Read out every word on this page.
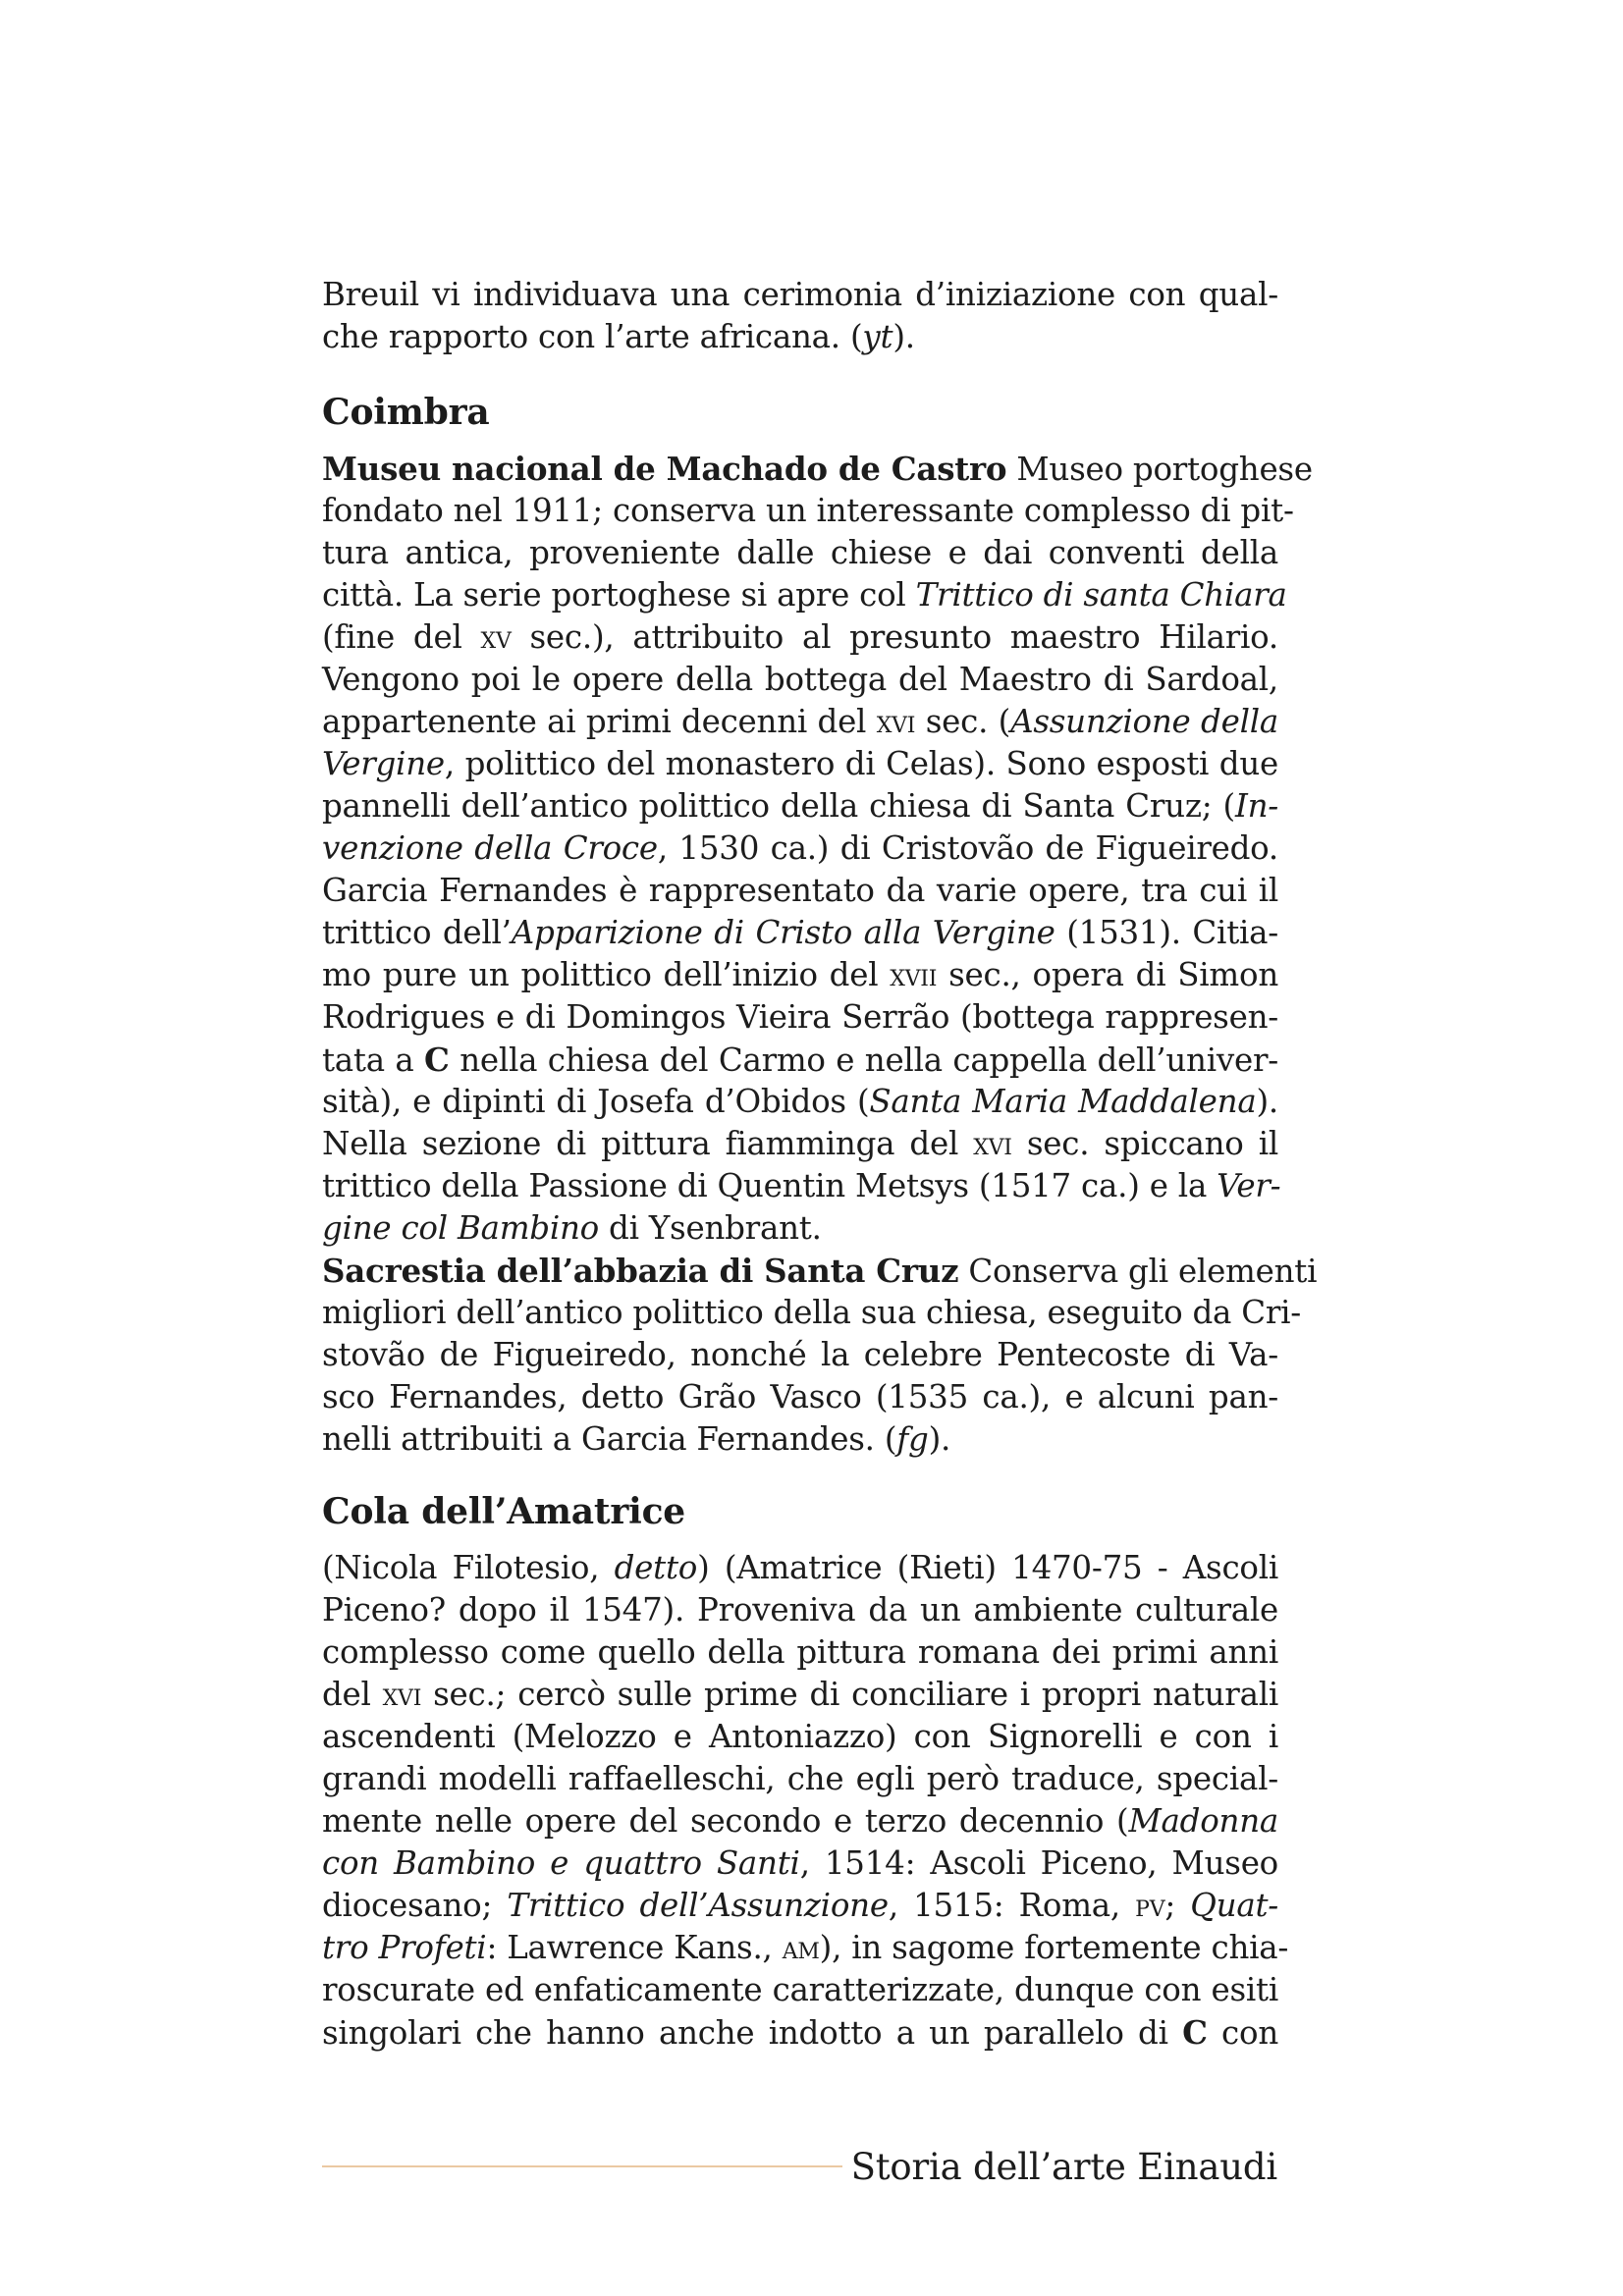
Breuil vi individuava una cerimonia d’iniziazione con qual-
che rapporto con l’arte africana. (yt).
Coimbra
Museu nacional de Machado de Castro Museo portoghese
fondato nel 1911; conserva un interessante complesso di pit-
tura antica, proveniente dalle chiese e dai conventi della
città. La serie portoghese si apre col Trittico di santa Chiara
(fine del xv sec.), attribuito al presunto maestro Hilario.
Vengono poi le opere della bottega del Maestro di Sardoal,
appartenente ai primi decenni del xvi sec. (Assunzione della
Vergine, polittico del monastero di Celas). Sono esposti due
pannelli dell’antico polittico della chiesa di Santa Cruz; (In-
venzione della Croce, 1530 ca.) di Cristovão de Figueiredo.
Garcia Fernandes è rappresentato da varie opere, tra cui il
trittico dell’Apparizione di Cristo alla Vergine (1531). Citia-
mo pure un polittico dell’inizio del xvii sec., opera di Simon
Rodrigues e di Domingos Vieira Serrão (bottega rappresen-
tata a C nella chiesa del Carmo e nella cappella dell’univer-
sità), e dipinti di Josefa d’Obidos (Santa Maria Maddalena).
Nella sezione di pittura fiamminga del xvi sec. spiccano il
trittico della Passione di Quentin Metsys (1517 ca.) e la Ver-
gine col Bambino di Ysenbrant.
Sacrestia dell’abbazia di Santa Cruz Conserva gli elementi
migliori dell’antico polittico della sua chiesa, eseguito da Cri-
stovão de Figueiredo, nonché la celebre Pentecoste di Va-
sco Fernandes, detto Grão Vasco (1535 ca.), e alcuni pan-
nelli attribuiti a Garcia Fernandes. (fg).
Cola dell’Amatrice
(Nicola Filotesio, detto) (Amatrice (Rieti) 1470-75 - Ascoli
Piceno? dopo il 1547). Proveniva da un ambiente culturale
complesso come quello della pittura romana dei primi anni
del xvi sec.; cercò sulle prime di conciliare i propri naturali
ascendenti (Melozzo e Antoniazzo) con Signorelli e con i
grandi modelli raffaelleschi, che egli però traduce, special-
mente nelle opere del secondo e terzo decennio (Madonna
con Bambino e quattro Santi, 1514: Ascoli Piceno, Museo
diocesano; Trittico dell’Assunzione, 1515: Roma, pv; Quat-
tro Profeti: Lawrence Kans., am), in sagome fortemente chia-
roscurate ed enfaticamente caratterizzate, dunque con esiti
singolari che hanno anche indotto a un parallelo di C con
Storia dell’arte Einaudi
